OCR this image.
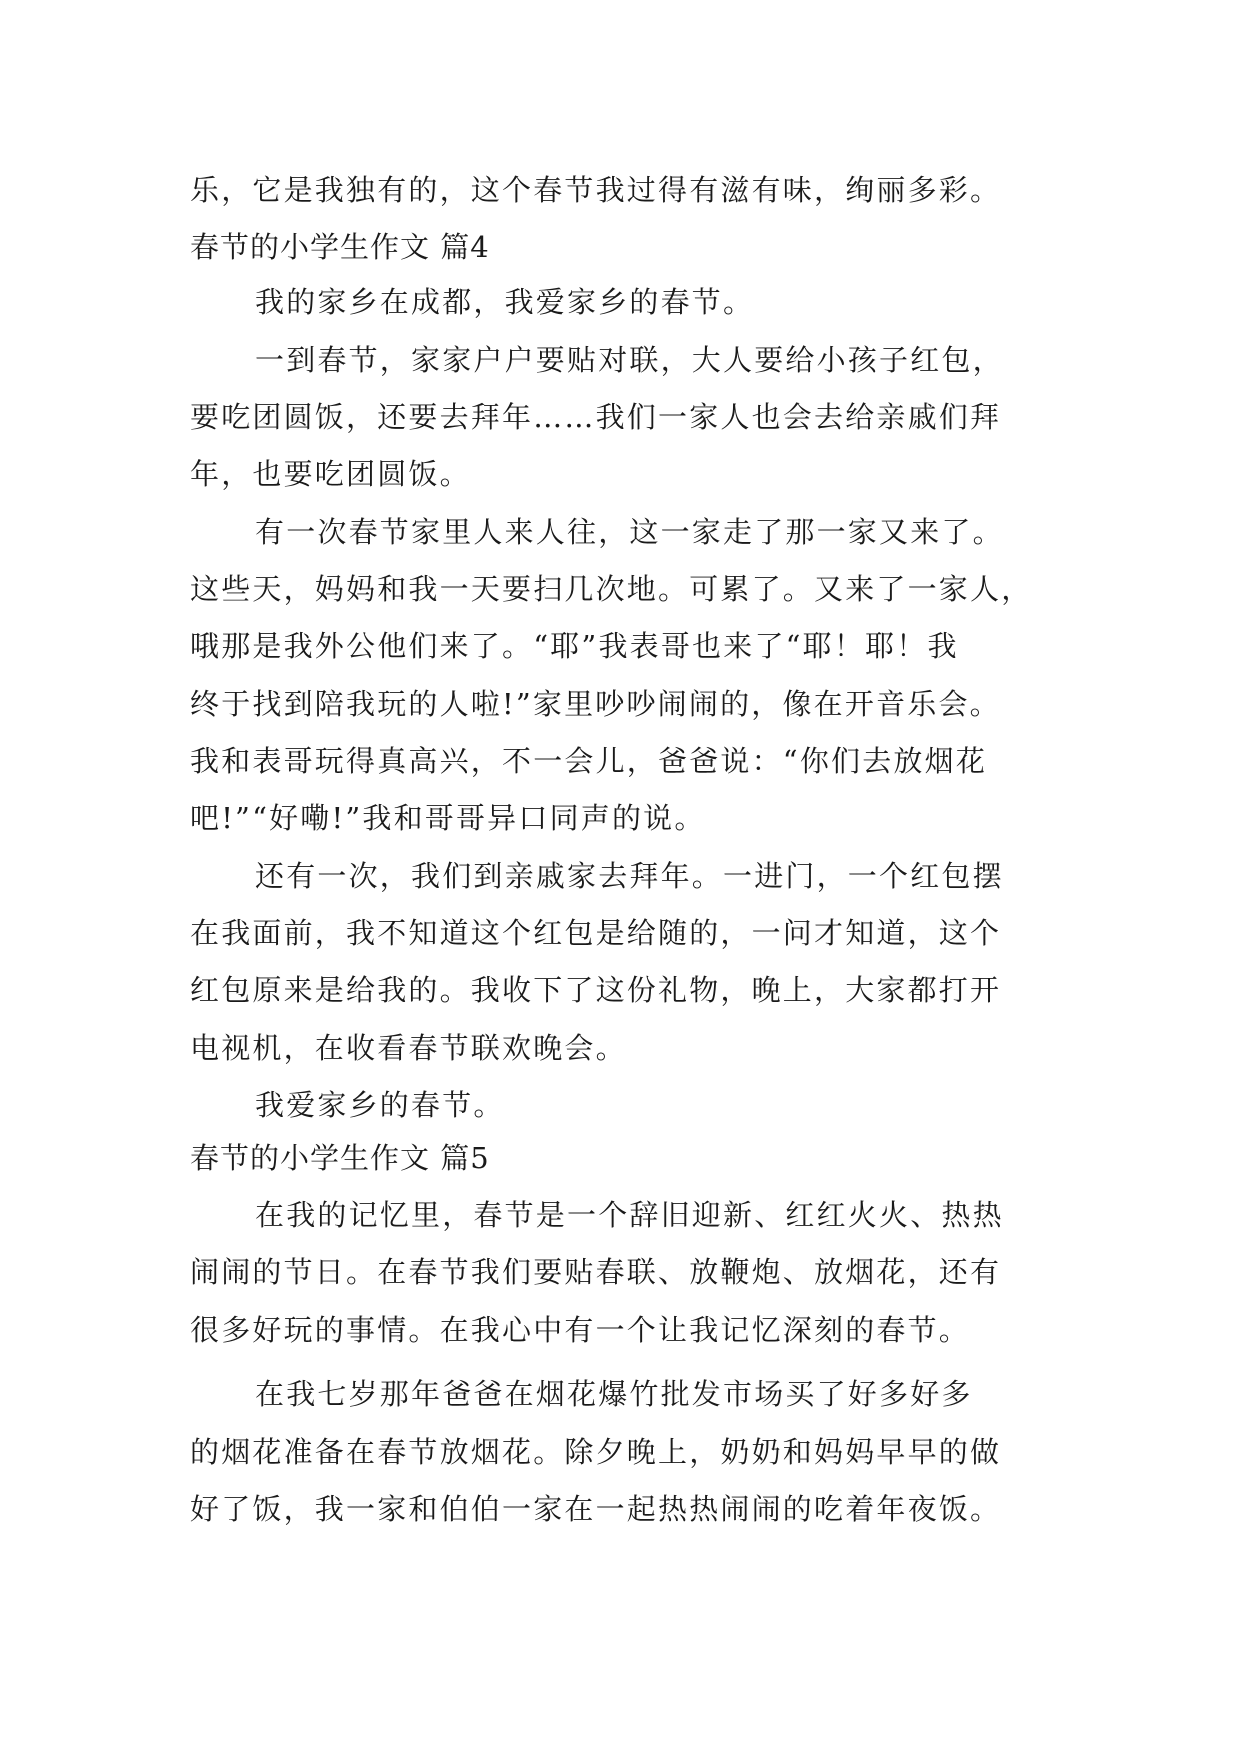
乐，它是我独有的，这个春节我过得有滋有味，绚丽多彩。
春节的小学生作文 篇4
我的家乡在成都，我爱家乡的春节。
一到春节，家家户户要贴对联，大人要给小孩子红包，
要吃团圆饭，还要去拜年……我们一家人也会去给亲戚们拜
年，也要吃团圆饭。
有一次春节家里人来人往，这一家走了那一家又来了。
这些天，妈妈和我一天要扫几次地。可累了。又来了一家人，
哦那是我外公他们来了。“耶”我表哥也来了“耶！耶！我
终于找到陪我玩的人啦!”家里吵吵闹闹的，像在开音乐会。
我和表哥玩得真高兴，不一会儿，爸爸说：“你们去放烟花
吧!”“好嘞!”我和哥哥异口同声的说。
还有一次，我们到亲戚家去拜年。一进门，一个红包摆
在我面前，我不知道这个红包是给随的，一问才知道，这个
红包原来是给我的。我收下了这份礼物，晚上，大家都打开
电视机，在收看春节联欢晚会。
我爱家乡的春节。
春节的小学生作文 篇5
在我的记忆里，春节是一个辞旧迎新、红红火火、热热
闹闹的节日。在春节我们要贴春联、放鞭炮、放烟花，还有
很多好玩的事情。在我心中有一个让我记忆深刻的春节。
在我七岁那年爸爸在烟花爆竹批发市场买了好多好多
的烟花准备在春节放烟花。除夕晚上，奶奶和妈妈早早的做
好了饭，我一家和伯伯一家在一起热热闹闹的吃着年夜饭。
